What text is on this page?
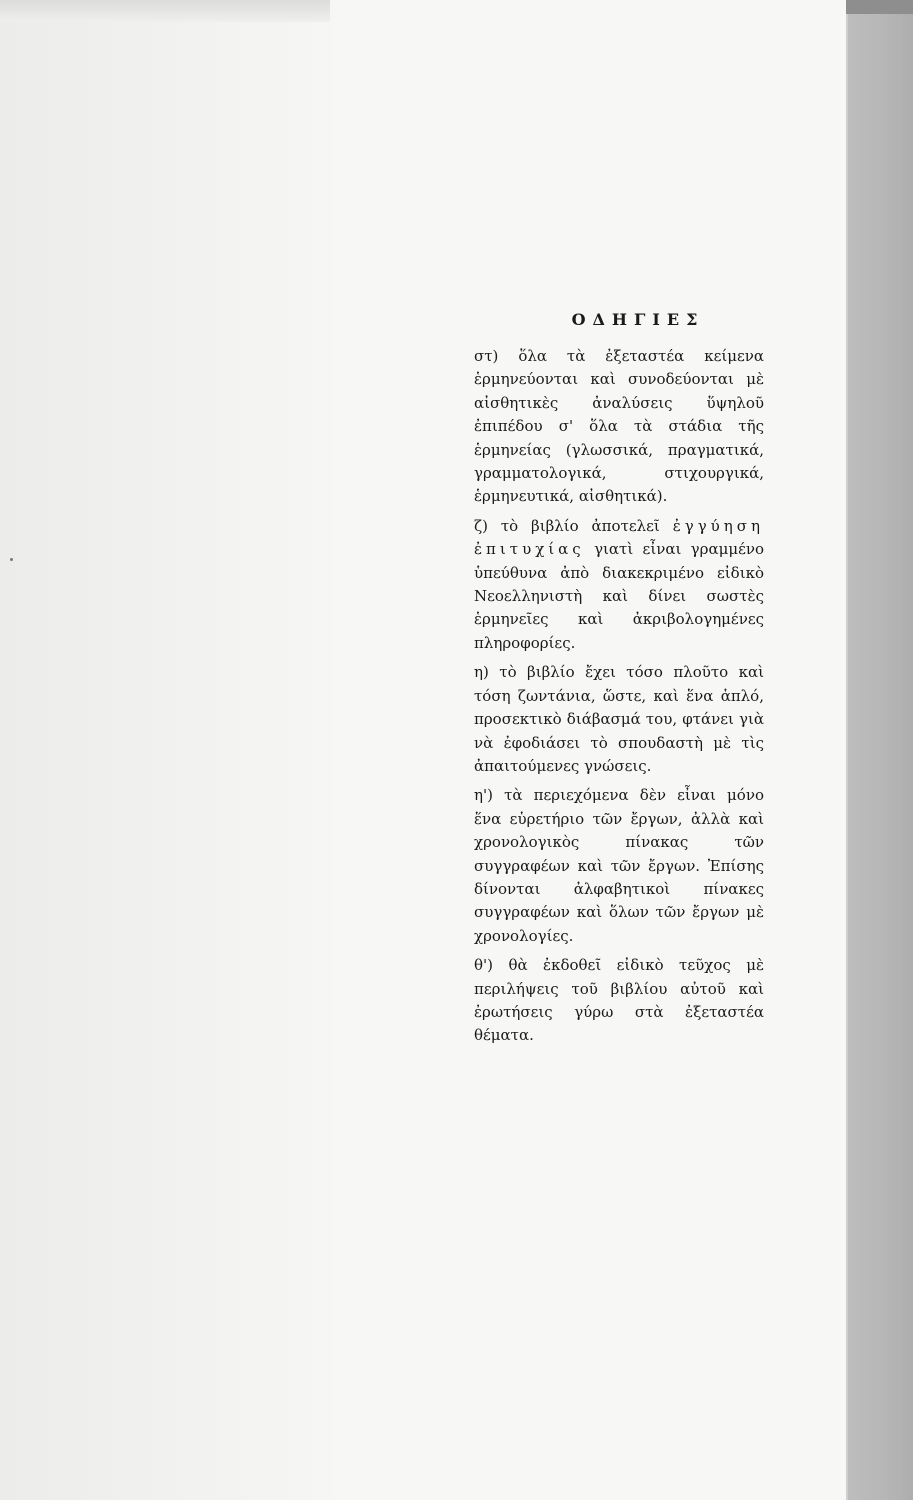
ΟΔΗΓΙΕΣ

στ) ὅλα τὰ ἐξεταστέα κείμενα ἑρμηνεύονται καὶ συνοδεύονται μὲ αἰσθητικὲς ἀναλύσεις ὕψηλοῦ ἐπιπέδου σ' ὅλα τὰ στάδια τῆς ἑρμηνείας (γλωσσικά, πραγματικά, γραμματολογικά, στιχουργικά, ἑρμηνευτικά, αἰσθητικά).

ζ) τὸ βιβλίο ἀποτελεῖ ἐγγύηση ἐπιτυχίας γιατὶ εἶναι γραμμένο ὑπεύθυνα ἀπὸ διακεκριμένο εἰδικὸ Νεοελληνιστὴ καὶ δίνει σωστὲς ἑρμηνεῖες καὶ ἀκριβολογημένες πληροφορίες.

η) τὸ βιβλίο ἔχει τόσο πλοῦτο καὶ τόση ζωντάνια, ὥστε, καὶ ἕνα ἁπλό, προσεκτικὸ διάβασμά του, φτάνει γιὰ νὰ ἐφοδιάσει τὸ σπουδαστὴ μὲ τὶς ἀπαιτούμενες γνώσεις.

η') τὰ περιεχόμενα δὲν εἶναι μόνο ἕνα εὑρετήριο τῶν ἔργων, ἀλλὰ καὶ χρονολογικὸς πίνακας τῶν συγγραφέων καὶ τῶν ἔργων. Ἐπίσης δίνονται ἀλφαβητικοὶ πίνακες συγγραφέων καὶ ὅλων τῶν ἔργων μὲ χρονολογίες.

θ') θὰ ἐκδοθεῖ εἰδικὸ τεῦχος μὲ περιλήψεις τοῦ βιβλίου αὐτοῦ καὶ ἐρωτήσεις γύρω στὰ ἐξεταστέα θέματα.
